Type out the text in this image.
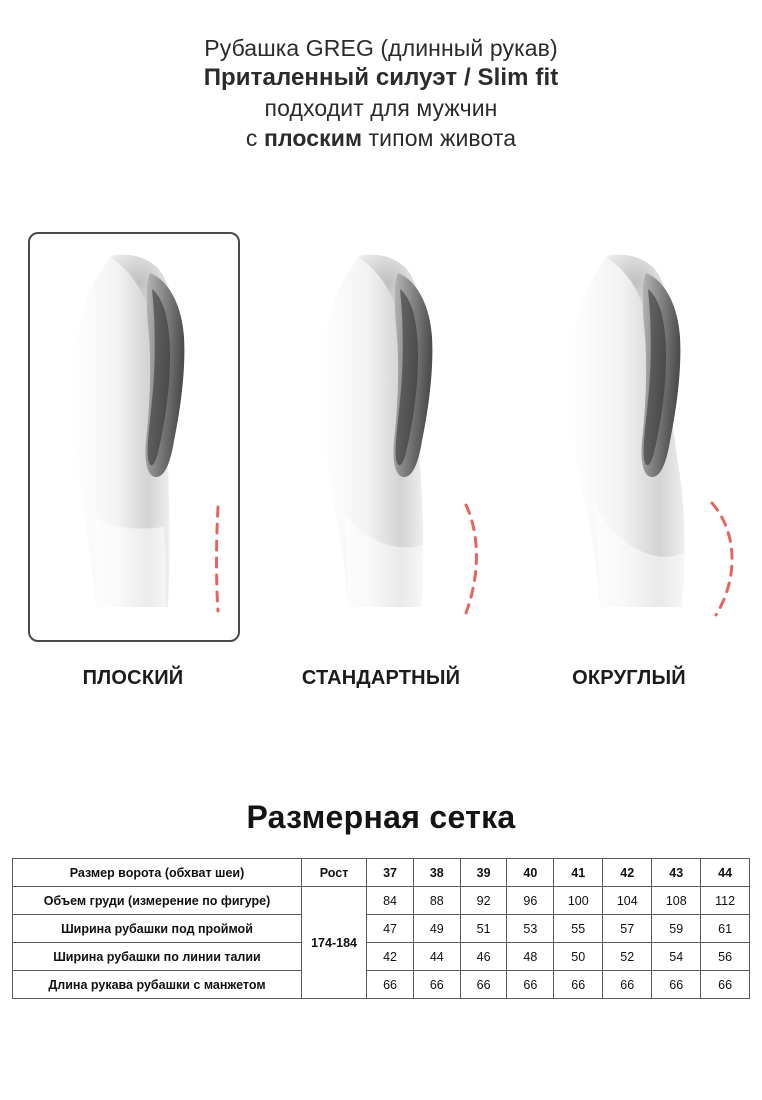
Рубашка GREG (длинный рукав)
Приталенный силуэт / Slim fit
подходит для мужчин
с плоским типом живота
ПЛОСКИЙ	СТАНДАРТНЫЙ	ОКРУГЛЫЙ
Размерная сетка
Размер ворота (обхват шеи)	Рост	37	38	39	40	41	42	43	44
Объем груди (измерение по фигуре)	174-184	84	88	92	96	100	104	108	112
Ширина рубашки под проймой		47	49	51	53	55	57	59	61
Ширина рубашки по линии талии		42	44	46	48	50	52	54	56
Длина рукава рубашки с манжетом		66	66	66	66	66	66	66	66
